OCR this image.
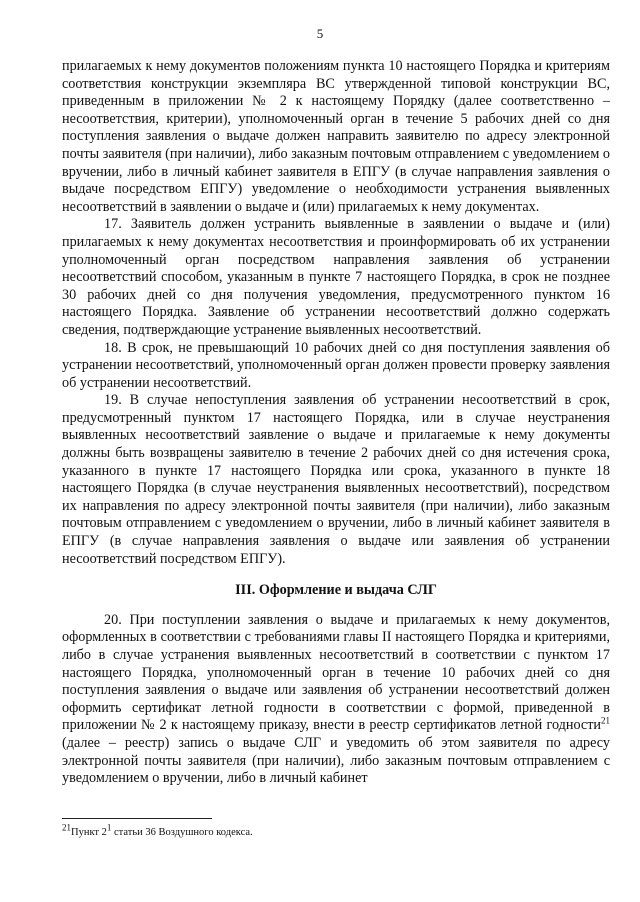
5

прилагаемых к нему документов положениям пункта 10 настоящего Порядка и критериям соответствия конструкции экземпляра ВС утвержденной типовой конструкции ВС, приведенным в приложении № 2 к настоящему Порядку (далее соответственно – несоответствия, критерии), уполномоченный орган в течение 5 рабочих дней со дня поступления заявления о выдаче должен направить заявителю по адресу электронной почты заявителя (при наличии), либо заказным почтовым отправлением с уведомлением о вручении, либо в личный кабинет заявителя в ЕПГУ (в случае направления заявления о выдаче посредством ЕПГУ) уведомление о необходимости устранения выявленных несоответствий в заявлении о выдаче и (или) прилагаемых к нему документах.

17. Заявитель должен устранить выявленные в заявлении о выдаче и (или) прилагаемых к нему документах несоответствия и проинформировать об их устранении уполномоченный орган посредством направления заявления об устранении несоответствий способом, указанным в пункте 7 настоящего Порядка, в срок не позднее 30 рабочих дней со дня получения уведомления, предусмотренного пунктом 16 настоящего Порядка. Заявление об устранении несоответствий должно содержать сведения, подтверждающие устранение выявленных несоответствий.

18. В срок, не превышающий 10 рабочих дней со дня поступления заявления об устранении несоответствий, уполномоченный орган должен провести проверку заявления об устранении несоответствий.

19. В случае непоступления заявления об устранении несоответствий в срок, предусмотренный пунктом 17 настоящего Порядка, или в случае неустранения выявленных несоответствий заявление о выдаче и прилагаемые к нему документы должны быть возвращены заявителю в течение 2 рабочих дней со дня истечения срока, указанного в пункте 17 настоящего Порядка или срока, указанного в пункте 18 настоящего Порядка (в случае неустранения выявленных несоответствий), посредством их направления по адресу электронной почты заявителя (при наличии), либо заказным почтовым отправлением с уведомлением о вручении, либо в личный кабинет заявителя в ЕПГУ (в случае направления заявления о выдаче или заявления об устранении несоответствий посредством ЕПГУ).

III. Оформление и выдача СЛГ

20. При поступлении заявления о выдаче и прилагаемых к нему документов, оформленных в соответствии с требованиями главы II настоящего Порядка и критериями, либо в случае устранения выявленных несоответствий в соответствии с пунктом 17 настоящего Порядка, уполномоченный орган в течение 10 рабочих дней со дня поступления заявления о выдаче или заявления об устранении несоответствий должен оформить сертификат летной годности в соответствии с формой, приведенной в приложении № 2 к настоящему приказу, внести в реестр сертификатов летной годности$^{21}$ (далее – реестр) запись о выдаче СЛГ и уведомить об этом заявителя по адресу электронной почты заявителя (при наличии), либо заказным почтовым отправлением с уведомлением о вручении, либо в личный кабинет

$^{21}$Пункт $2^1$ статьи 36 Воздушного кодекса.
